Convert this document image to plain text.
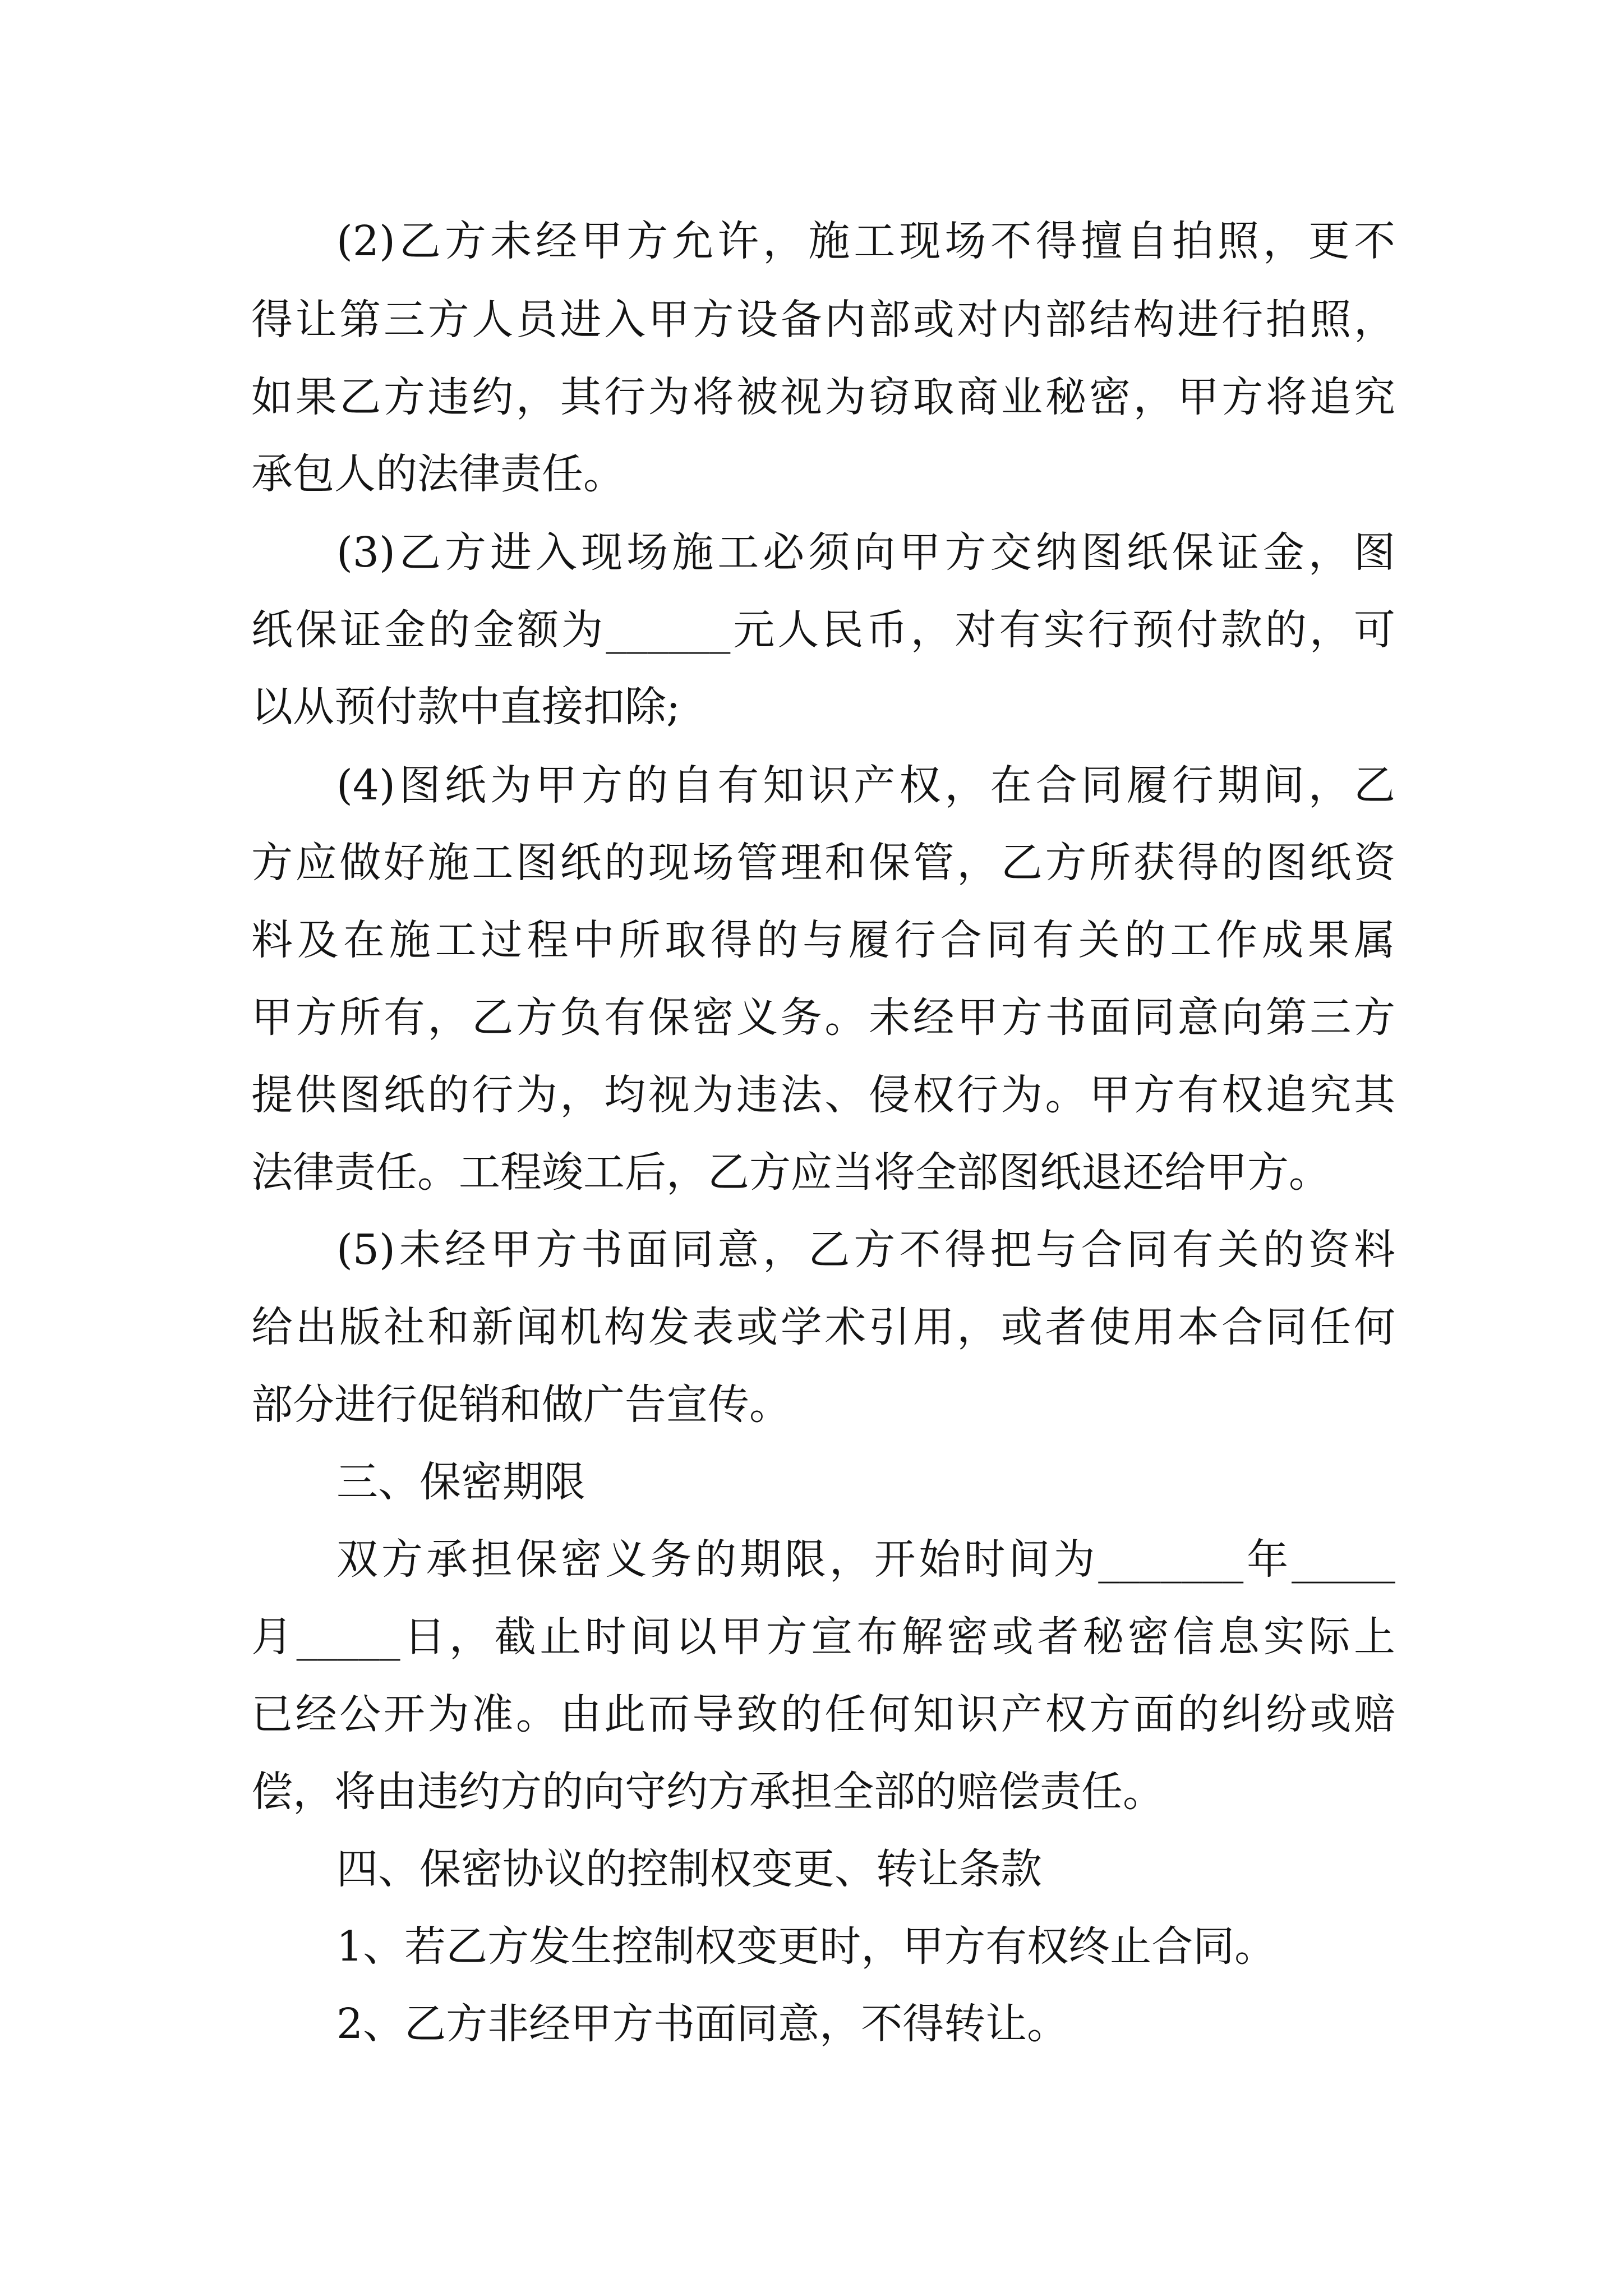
(2)乙方未经甲方允许，施工现场不得擅自拍照，更不

得让第三方人员进入甲方设备内部或对内部结构进行拍照，

如果乙方违约，其行为将被视为窃取商业秘密，甲方将追究

承包人的法律责任。

(3)乙方进入现场施工必须向甲方交纳图纸保证金，图

纸保证金的金额为______元人民币，对有实行预付款的，可

以从预付款中直接扣除;

(4)图纸为甲方的自有知识产权，在合同履行期间，乙

方应做好施工图纸的现场管理和保管，乙方所获得的图纸资

料及在施工过程中所取得的与履行合同有关的工作成果属

甲方所有，乙方负有保密义务。未经甲方书面同意向第三方

提供图纸的行为，均视为违法、侵权行为。甲方有权追究其

法律责任。工程竣工后，乙方应当将全部图纸退还给甲方。

(5)未经甲方书面同意，乙方不得把与合同有关的资料

给出版社和新闻机构发表或学术引用，或者使用本合同任何

部分进行促销和做广告宣传。

三、保密期限

双方承担保密义务的期限，开始时间为_______年_____

月_____日，截止时间以甲方宣布解密或者秘密信息实际上

已经公开为准。由此而导致的任何知识产权方面的纠纷或赔

偿，将由违约方的向守约方承担全部的赔偿责任。

四、保密协议的控制权变更、转让条款

1、若乙方发生控制权变更时，甲方有权终止合同。

2、乙方非经甲方书面同意，不得转让。
